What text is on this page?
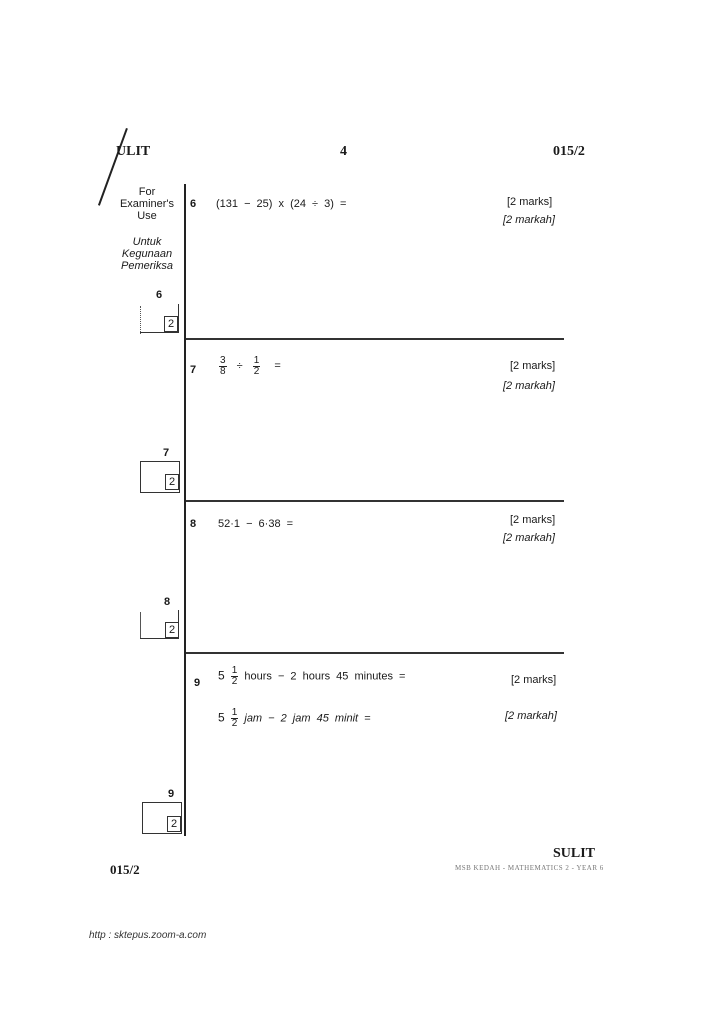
ULIT	4	015/2
For
Examiner's
Use
Untuk
Kegunaan
Pemeriksa
6 (131 − 25) x (24 ÷ 3) =	[2 marks]
[2 markah]
6
2
$7 \frac{3}{8} \div \frac{1}{2}$ =	[2 marks]
[2 markah]
7
2
8 52·1 − 6·38 =	[2 marks]
[2 markah]
8
2
9
$5 \frac{1}{2}$ hours − 2 hours 45 minutes =	[2 marks]
$5 \frac{1}{2}$ jam − 2 jam 45 minit =	[2 markah]
9
2
SULIT
MSB KEDAH - MATHEMATICS 2 - YEAR 6
015/2
http : sktepus.zoom-a.com
